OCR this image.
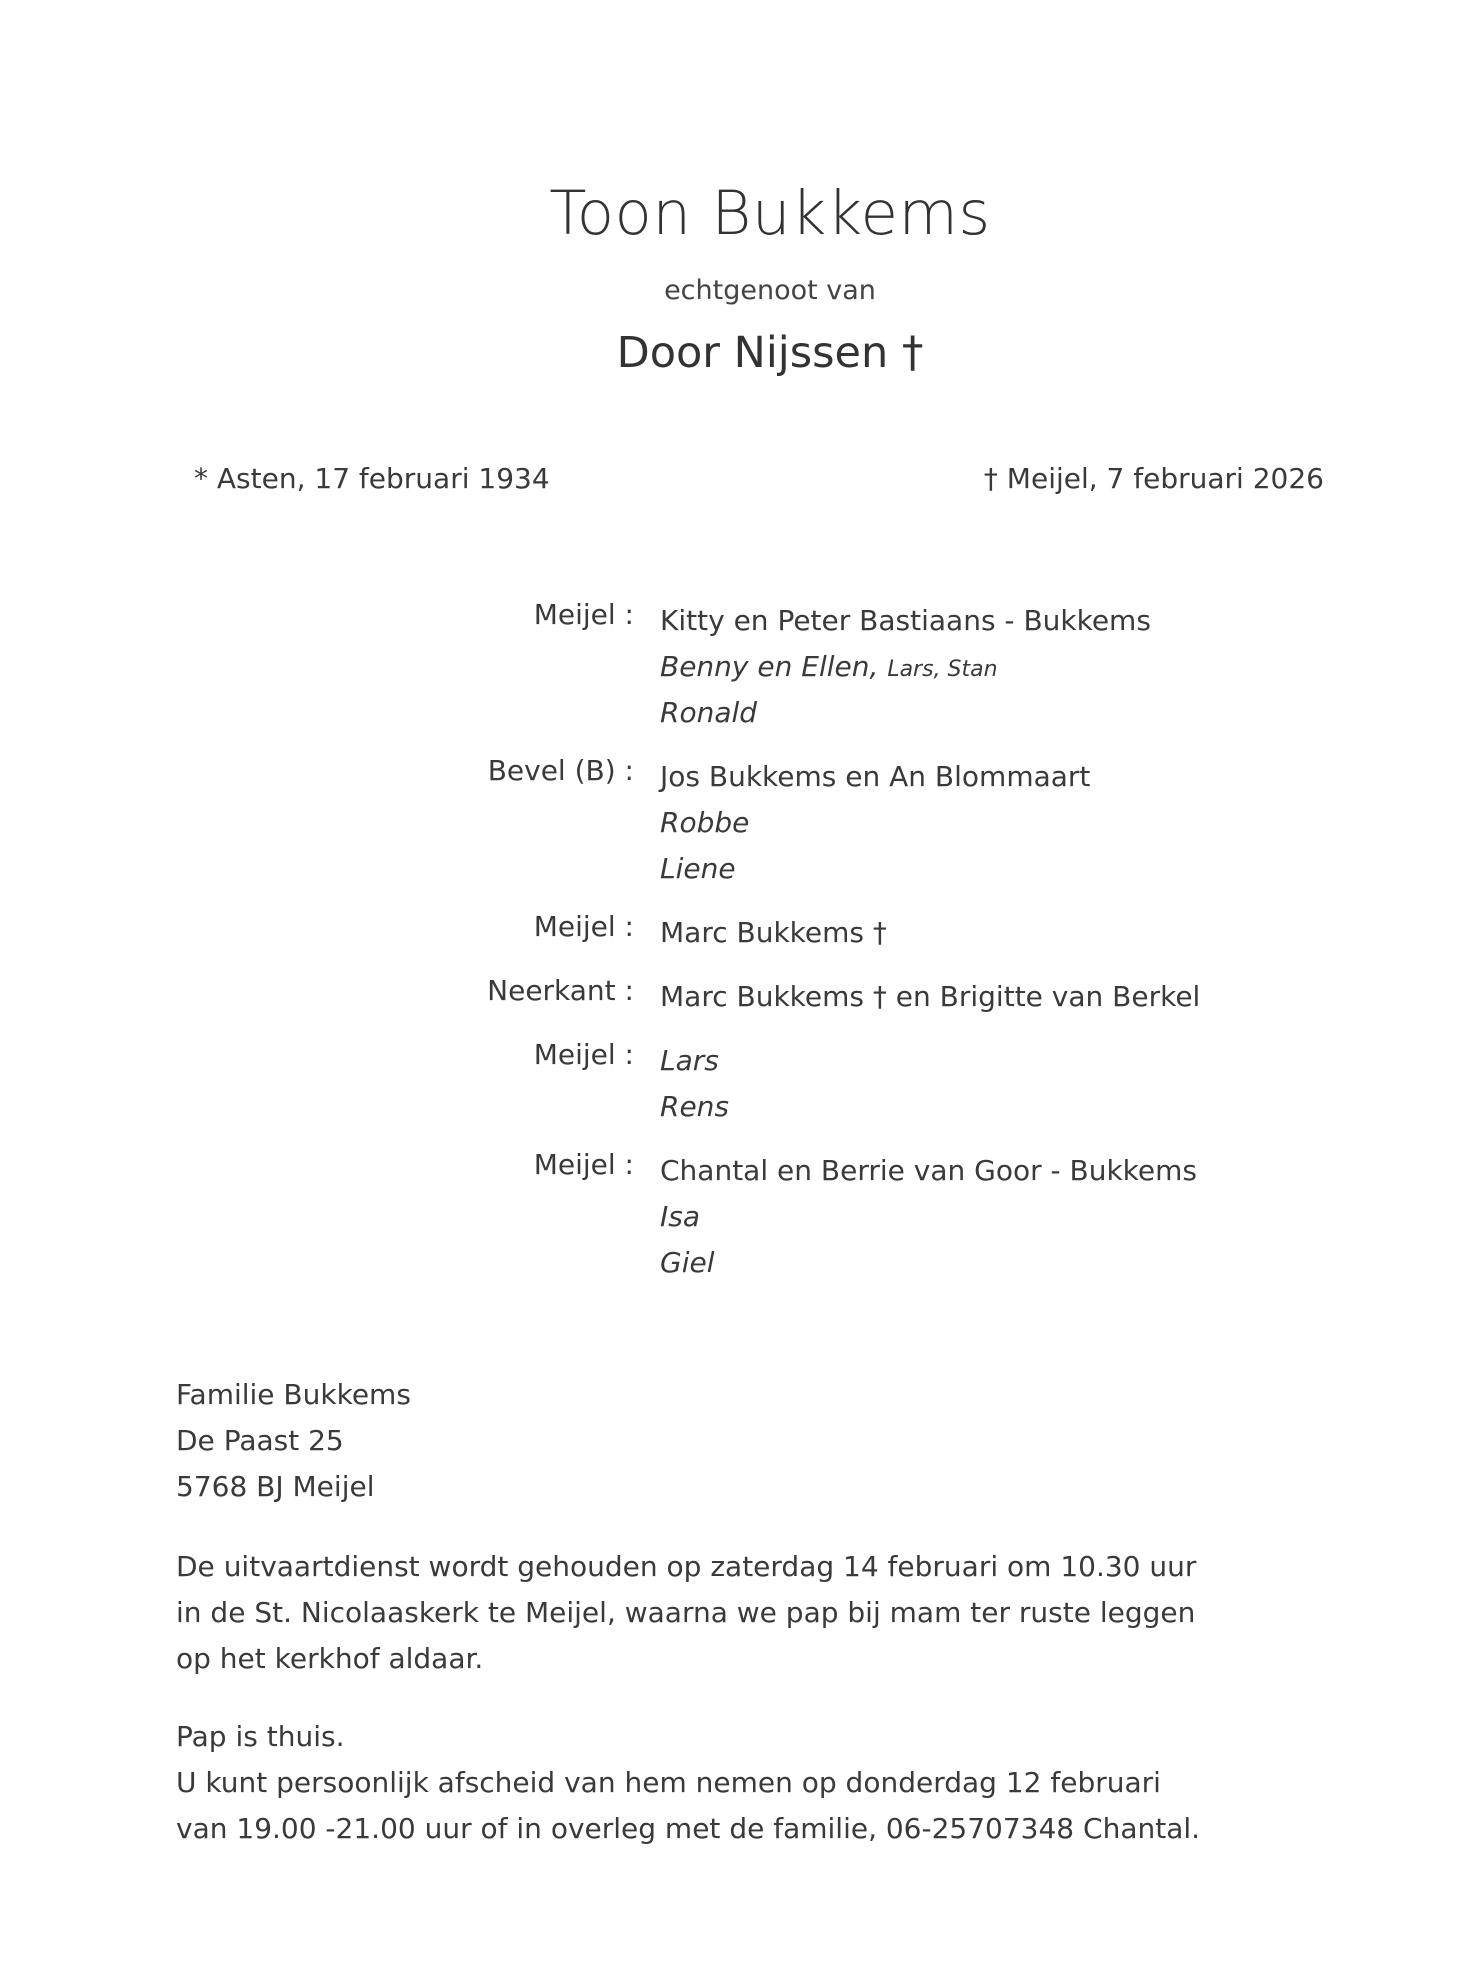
Toon Bukkems
echtgenoot van
Door Nijssen †
* Asten, 17 februari 1934	† Meijel, 7 februari 2026
Meijel : Kitty en Peter Bastiaans - Bukkems
Benny en Ellen, Lars, Stan
Ronald
Bevel (B) : Jos Bukkems en An Blommaart
Robbe
Liene
Meijel : Marc Bukkems †
Neerkant : Marc Bukkems † en Brigitte van Berkel
Meijel : Lars
Rens
Meijel : Chantal en Berrie van Goor - Bukkems
Isa
Giel
Familie Bukkems
De Paast 25
5768 BJ Meijel
De uitvaartdienst wordt gehouden op zaterdag 14 februari om 10.30 uur
in de St. Nicolaaskerk te Meijel, waarna we pap bij mam ter ruste leggen
op het kerkhof aldaar.
Pap is thuis.
U kunt persoonlijk afscheid van hem nemen op donderdag 12 februari
van 19.00 -21.00 uur of in overleg met de familie, 06-25707348 Chantal.
